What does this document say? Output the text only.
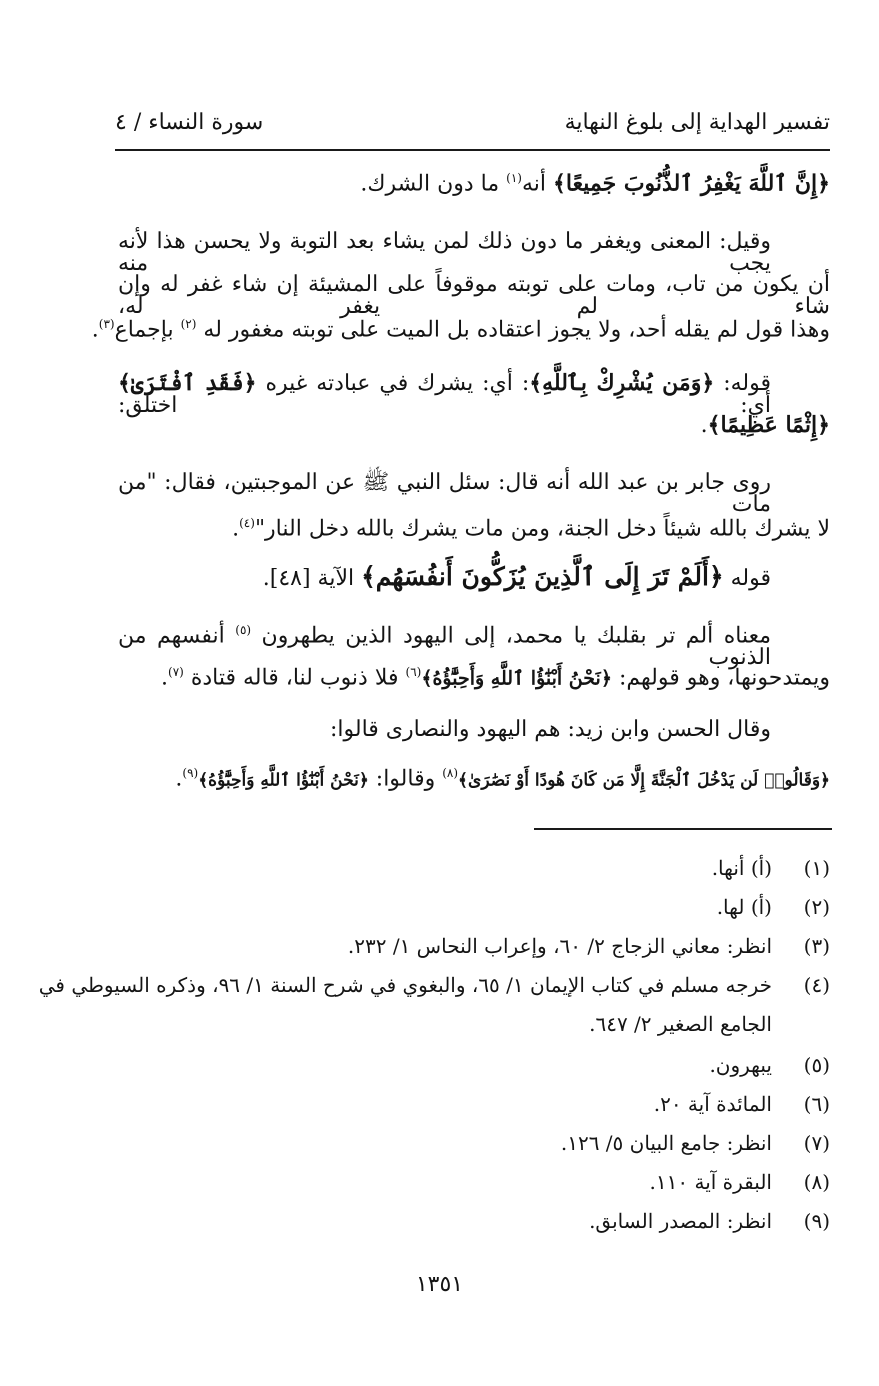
تفسير الهداية إلى بلوغ النهاية
سورة النساء / ٤
﴿إِنَّ ٱللَّهَ يَغْفِرُ ٱلذُّنُوبَ جَمِيعًا﴾ أنه$^{(١)}$ ما دون الشرك.
وقيل: المعنى ويغفر ما دون ذلك لمن يشاء بعد التوبة ولا يحسن هذا لأنه يجب منه
أن يكون من تاب، ومات على توبته موقوفاً على المشيئة إن شاء غفر له وإن شاء لم يغفر له،
وهذا قول لم يقله أحد، ولا يجوز اعتقاده بل الميت على توبته مغفور له $^{(٢)}$ بإجماع$^{(٣)}$.
قوله: ﴿وَمَن يُشْرِكْ بِٱللَّهِ﴾: أي: يشرك في عبادته غيره ﴿فَقَدِ ٱفْتَرَىٰ﴾ أي: اختلق:
﴿إِثْمًا عَظِيمًا﴾.
روى جابر بن عبد الله أنه قال: سئل النبي ﷺ عن الموجبتين، فقال: "من مات
لا يشرك بالله شيئاً دخل الجنة، ومن مات يشرك بالله دخل النار"$^{(٤)}$.
قوله ﴿أَلَمْ تَرَ إِلَى ٱلَّذِينَ يُزَكُّونَ أَنفُسَهُم﴾ الآية [٤٨].
معناه ألم تر بقلبك يا محمد، إلى اليهود الذين يطهرون $^{(٥)}$ أنفسهم من الذنوب
ويمتدحونها، وهو قولهم: ﴿نَحْنُ أَبْنَٰٓؤُا ٱللَّهِ وَأَحِبَّٰٓؤُهُ﴾$^{(٦)}$ فلا ذنوب لنا، قاله قتادة $^{(٧)}$.
وقال الحسن وابن زيد: هم اليهود والنصارى قالوا:
﴿وَقَالُوا۟ لَن يَدْخُلَ ٱلْجَنَّةَ إِلَّا مَن كَانَ هُودًا أَوْ نَصَٰرَىٰ﴾$^{(٨)}$ وقالوا: ﴿نَحْنُ أَبْنَٰٓؤُا ٱللَّهِ وَأَحِبَّٰٓؤُهُ﴾$^{(٩)}$.
(١)
(أ) أنها.
(٢)
(أ) لها.
(٣)
انظر: معاني الزجاج ٢/ ٦٠، وإعراب النحاس ١/ ٢٣٢.
(٤)
خرجه مسلم في كتاب الإيمان ١/ ٦٥، والبغوي في شرح السنة ١/ ٩٦، وذكره السيوطي في
الجامع الصغير ٢/ ٦٤٧.
(٥)
يبهرون.
(٦)
المائدة آية ٢٠.
(٧)
انظر: جامع البيان ٥/ ١٢٦.
(٨)
البقرة آية ١١٠.
(٩)
انظر: المصدر السابق.
١٣٥١
